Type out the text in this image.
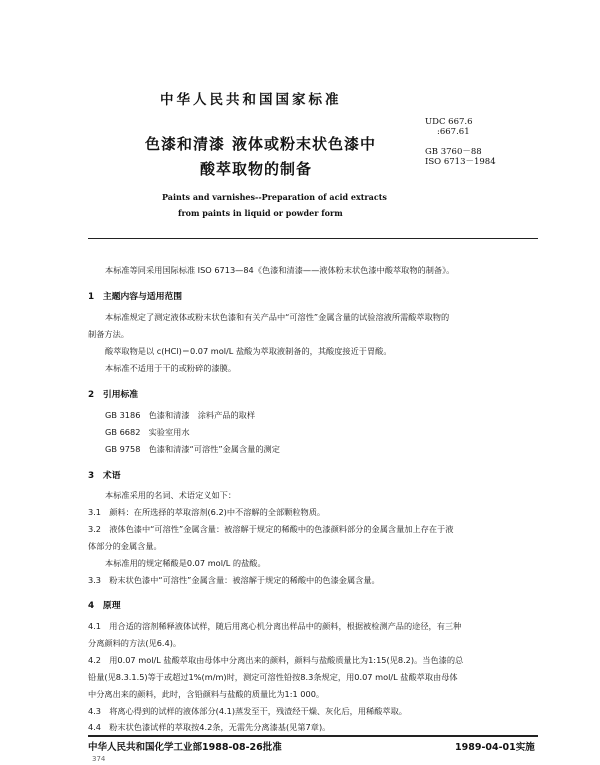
中华人民共和国国家标准
UDC 667.6
:667.61
GB 3760－88
ISO 6713－1984
色漆和清漆 液体或粉末状色漆中
酸萃取物的制备
Paints and varnishes--Preparation of acid extracts
from paints in liquid or powder form
本标准等同采用国际标准 ISO 6713—84《色漆和清漆——液体粉末状色漆中酸萃取物的制备》。
1　主题内容与适用范围
本标准规定了测定液体或粉末状色漆和有关产品中“可溶性”金属含量的试验溶液所需酸萃取物的
制备方法。
酸萃取物是以 c(HCl)＝0.07 mol/L 盐酸为萃取液制备的，其酸度接近于胃酸。
本标准不适用于干的或粉碎的漆膜。
2　引用标准
GB 3186　色漆和清漆　涂料产品的取样
GB 6682　实验室用水
GB 9758　色漆和清漆“可溶性”金属含量的测定
3　术语
本标准采用的名词、术语定义如下：
3.1　颜料：在所选择的萃取溶剂(6.2)中不溶解的全部颗粒物质。
3.2　液体色漆中“可溶性”金属含量：被溶解于规定的稀酸中的色漆颜料部分的金属含量加上存在于液
体部分的金属含量。
本标准用的规定稀酸是0.07 mol/L 的盐酸。
3.3　粉末状色漆中“可溶性”金属含量：被溶解于规定的稀酸中的色漆金属含量。
4　原理
4.1　用合适的溶剂稀释液体试样，随后用离心机分离出样品中的颜料，根据被检测产品的途径，有三种
分离颜料的方法(见6.4)。
4.2　用0.07 mol/L 盐酸萃取由母体中分离出来的颜料，颜料与盐酸质量比为1:15(见8.2)。当色漆的总
铅量(见8.3.1.5)等于或超过1%(m/m)时，测定可溶性铅按8.3条规定，用0.07 mol/L 盐酸萃取由母体
中分离出来的颜料，此时，含铅颜料与盐酸的质量比为1:1 000。
4.3　将离心得到的试样的液体部分(4.1)蒸发至干，残渣经干燥、灰化后，用稀酸萃取。
4.4　粉末状色漆试样的萃取按4.2条，无需先分离漆基(见第7章)。
中华人民共和国化学工业部1988-08-26批准	1989-04-01实施
374
